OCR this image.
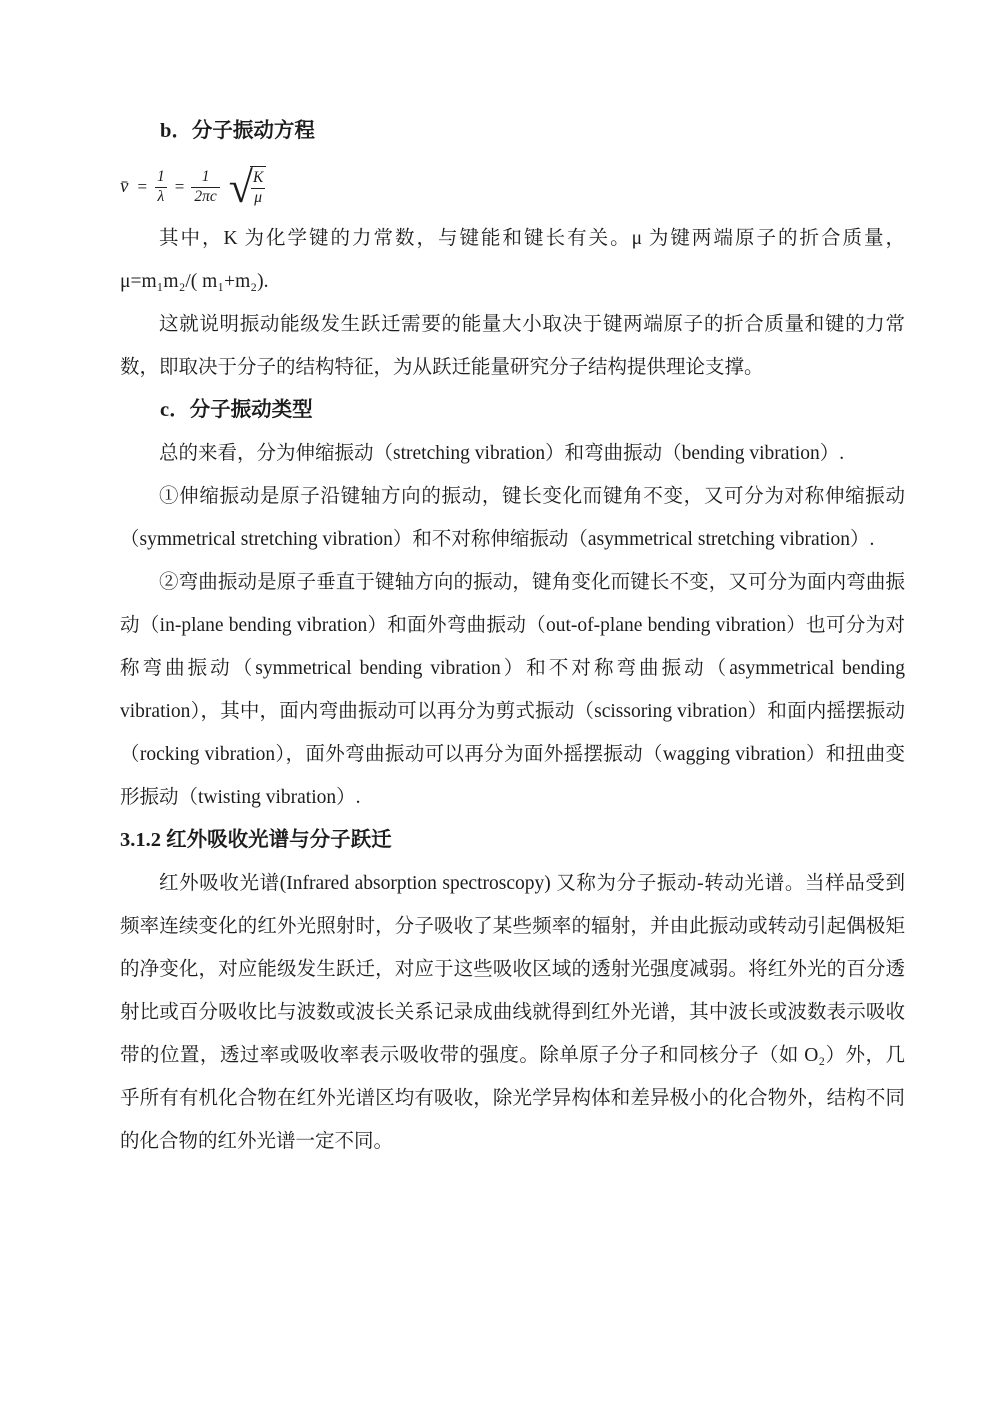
b．分子振动方程
v̄ = $\frac{1}{\lambda} = \frac{1}{2\pi c}$ √
$\frac{K}{\mu}$

其中，K 为化学键的力常数，与键能和键长有关。μ 为键两端原子的折合质量，μ=m₁m₂/( m₁+m₂).

这就说明振动能级发生跃迁需要的能量大小取决于键两端原子的折合质量和键的力常数，即取决于分子的结构特征，为从跃迁能量研究分子结构提供理论支撑。

c．分子振动类型

总的来看，分为伸缩振动（stretching vibration）和弯曲振动（bending vibration）.

①伸缩振动是原子沿键轴方向的振动，键长变化而键角不变，又可分为对称伸缩振动（symmetrical stretching vibration）和不对称伸缩振动（asymmetrical stretching vibration）.

②弯曲振动是原子垂直于键轴方向的振动，键角变化而键长不变，又可分为面内弯曲振动（in-plane bending vibration）和面外弯曲振动（out-of-plane bending vibration）也可分为对称弯曲振动（symmetrical bending vibration）和不对称弯曲振动（asymmetrical bending vibration），其中，面内弯曲振动可以再分为剪式振动（scissoring vibration）和面内摇摆振动（rocking vibration），面外弯曲振动可以再分为面外摇摆振动（wagging vibration）和扭曲变形振动（twisting vibration）.

3.1.2 红外吸收光谱与分子跃迁

红外吸收光谱(Infrared absorption spectroscopy) 又称为分子振动-转动光谱。当样品受到频率连续变化的红外光照射时，分子吸收了某些频率的辐射，并由此振动或转动引起偶极矩的净变化，对应能级发生跃迁，对应于这些吸收区域的透射光强度减弱。将红外光的百分透射比或百分吸收比与波数或波长关系记录成曲线就得到红外光谱，其中波长或波数表示吸收带的位置，透过率或吸收率表示吸收带的强度。除单原子分子和同核分子（如 O₂）外，几乎所有有机化合物在红外光谱区均有吸收，除光学异构体和差异极小的化合物外，结构不同的化合物的红外光谱一定不同。
